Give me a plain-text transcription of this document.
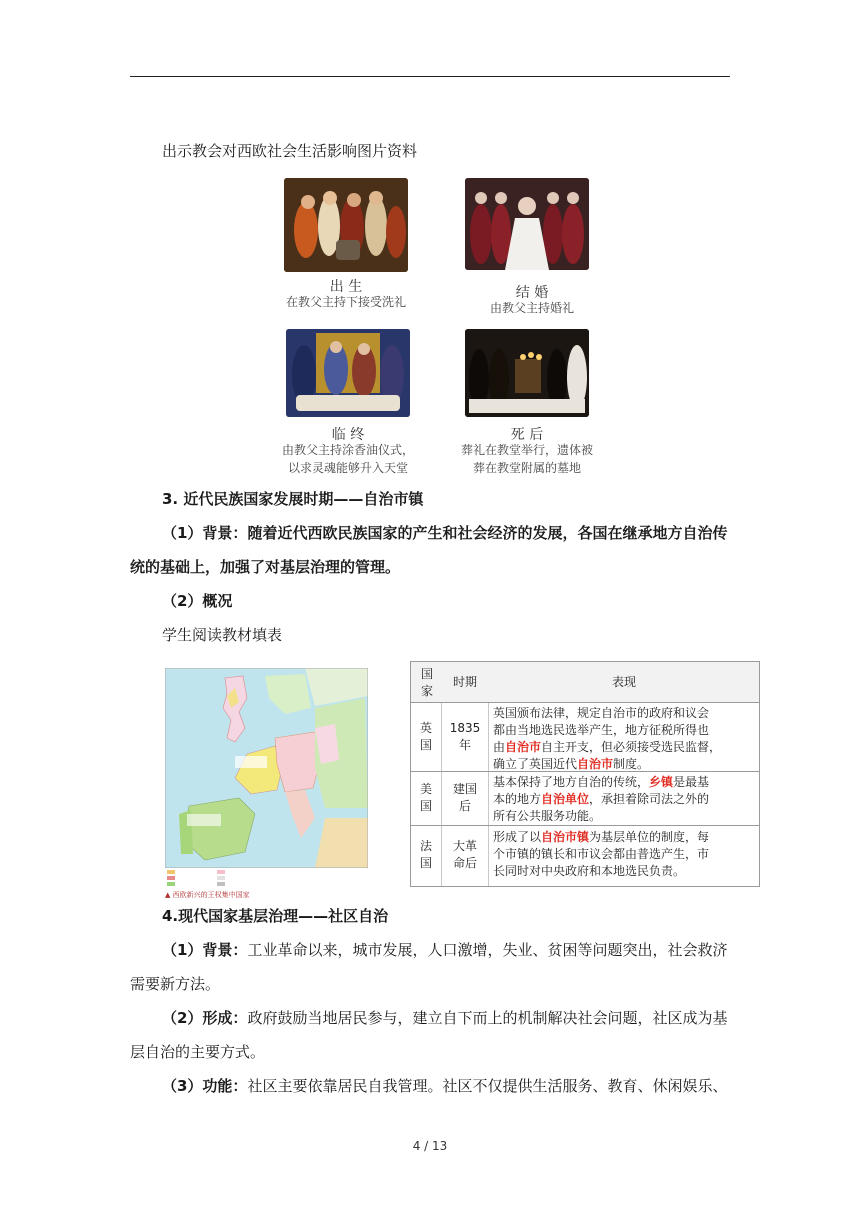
出示教会对西欧社会生活影响图片资料
出 生
在教父主持下接受洗礼
结 婚
由教父主持婚礼
临 终
由教父主持涂香油仪式，
以求灵魂能够升入天堂
死 后
葬礼在教堂举行，遗体被
葬在教堂附属的墓地
3. 近代民族国家发展时期——自治市镇
（1）背景：随着近代西欧民族国家的产生和社会经济的发展，各国在继承地方自治传
统的基础上，加强了对基层治理的管理。
（2）概况
学生阅读教材填表
▲ 西欧新兴的王权集中国家
国家
时期	表现
英
国
1835
年
英国颁布法律，规定自治市的政府和议会
都由当地选民选举产生，地方征税所得也
由自治市自主开支，但必须接受选民监督，
确立了英国近代自治市制度。
美
国
建国
后
基本保持了地方自治的传统，乡镇是最基
本的地方自治单位，承担着除司法之外的
所有公共服务功能。
法
国
大革
命后
形成了以自治市镇为基层单位的制度，每
个市镇的镇长和市议会都由普选产生，市
长同时对中央政府和本地选民负责。
4.现代国家基层治理——社区自治
（1）背景：工业革命以来，城市发展，人口激增，失业、贫困等问题突出，社会救济
需要新方法。
（2）形成：政府鼓励当地居民参与，建立自下而上的机制解决社会问题，社区成为基
层自治的主要方式。
（3）功能：社区主要依靠居民自我管理。社区不仅提供生活服务、教育、休闲娱乐、
4 / 13
